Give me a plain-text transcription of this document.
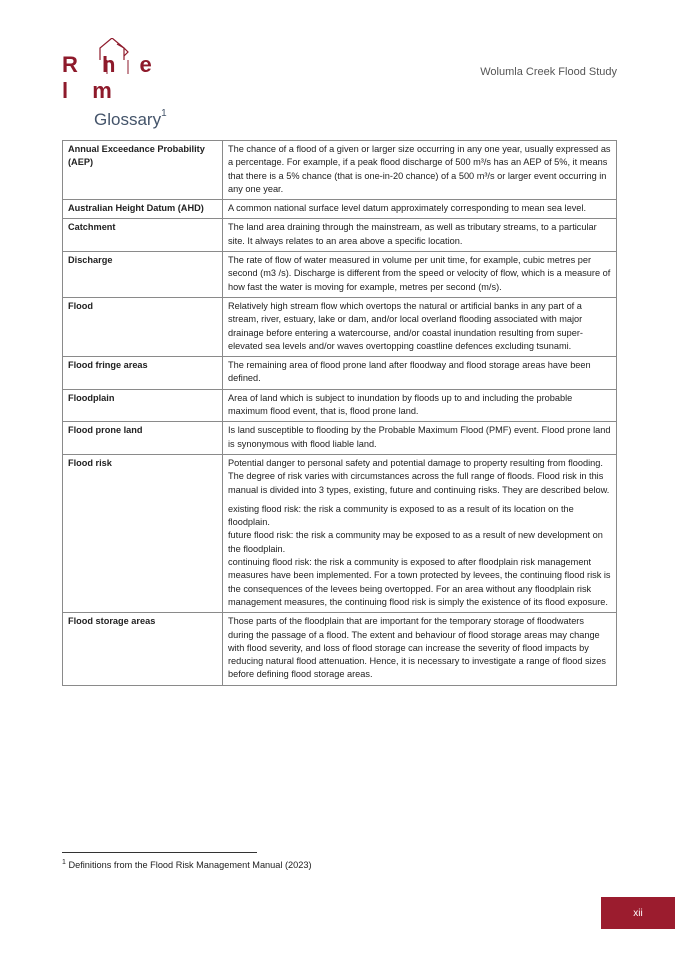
R h e l m
Wolumla Creek Flood Study
Glossary$^1$
Annual Exceedance Probability (AEP)	The chance of a flood of a given or larger size occurring in any one year, usually expressed as a percentage. For example, if a peak flood discharge of 500 m³/s has an AEP of 5%, it means that there is a 5% chance (that is one-in-20 chance) of a 500 m³/s or larger event occurring in any one year.

Australian Height Datum (AHD)	A common national surface level datum approximately corresponding to mean sea level.

Catchment	The land area draining through the mainstream, as well as tributary streams, to a particular site. It always relates to an area above a specific location.

Discharge	The rate of flow of water measured in volume per unit time, for example, cubic metres per second (m3 /s). Discharge is different from the speed or velocity of flow, which is a measure of how fast the water is moving for example, metres per second (m/s).

Flood	Relatively high stream flow which overtops the natural or artificial banks in any part of a stream, river, estuary, lake or dam, and/or local overland flooding associated with major drainage before entering a watercourse, and/or coastal inundation resulting from super-elevated sea levels and/or waves overtopping coastline defences excluding tsunami.

Flood fringe areas	The remaining area of flood prone land after floodway and flood storage areas have been defined.

Floodplain	Area of land which is subject to inundation by floods up to and including the probable maximum flood event, that is, flood prone land.

Flood prone land	Is land susceptible to flooding by the Probable Maximum Flood (PMF) event. Flood prone land is synonymous with flood liable land.

Flood risk	Potential danger to personal safety and potential damage to property resulting from flooding. The degree of risk varies with circumstances across the full range of floods. Flood risk in this manual is divided into 3 types, existing, future and continuing risks. They are described below.

existing flood risk: the risk a community is exposed to as a result of its location on the floodplain.

future flood risk: the risk a community may be exposed to as a result of new development on the floodplain.

continuing flood risk: the risk a community is exposed to after floodplain risk management measures have been implemented. For a town protected by levees, the continuing flood risk is the consequences of the levees being overtopped. For an area without any floodplain risk management measures, the continuing flood risk is simply the existence of its flood exposure.

Flood storage areas	Those parts of the floodplain that are important for the temporary storage of floodwaters during the passage of a flood. The extent and behaviour of flood storage areas may change with flood severity, and loss of flood storage can increase the severity of flood impacts by reducing natural flood attenuation. Hence, it is necessary to investigate a range of flood sizes before defining flood storage areas.

$^1$ Definitions from the Flood Risk Management Manual (2023)
xii
